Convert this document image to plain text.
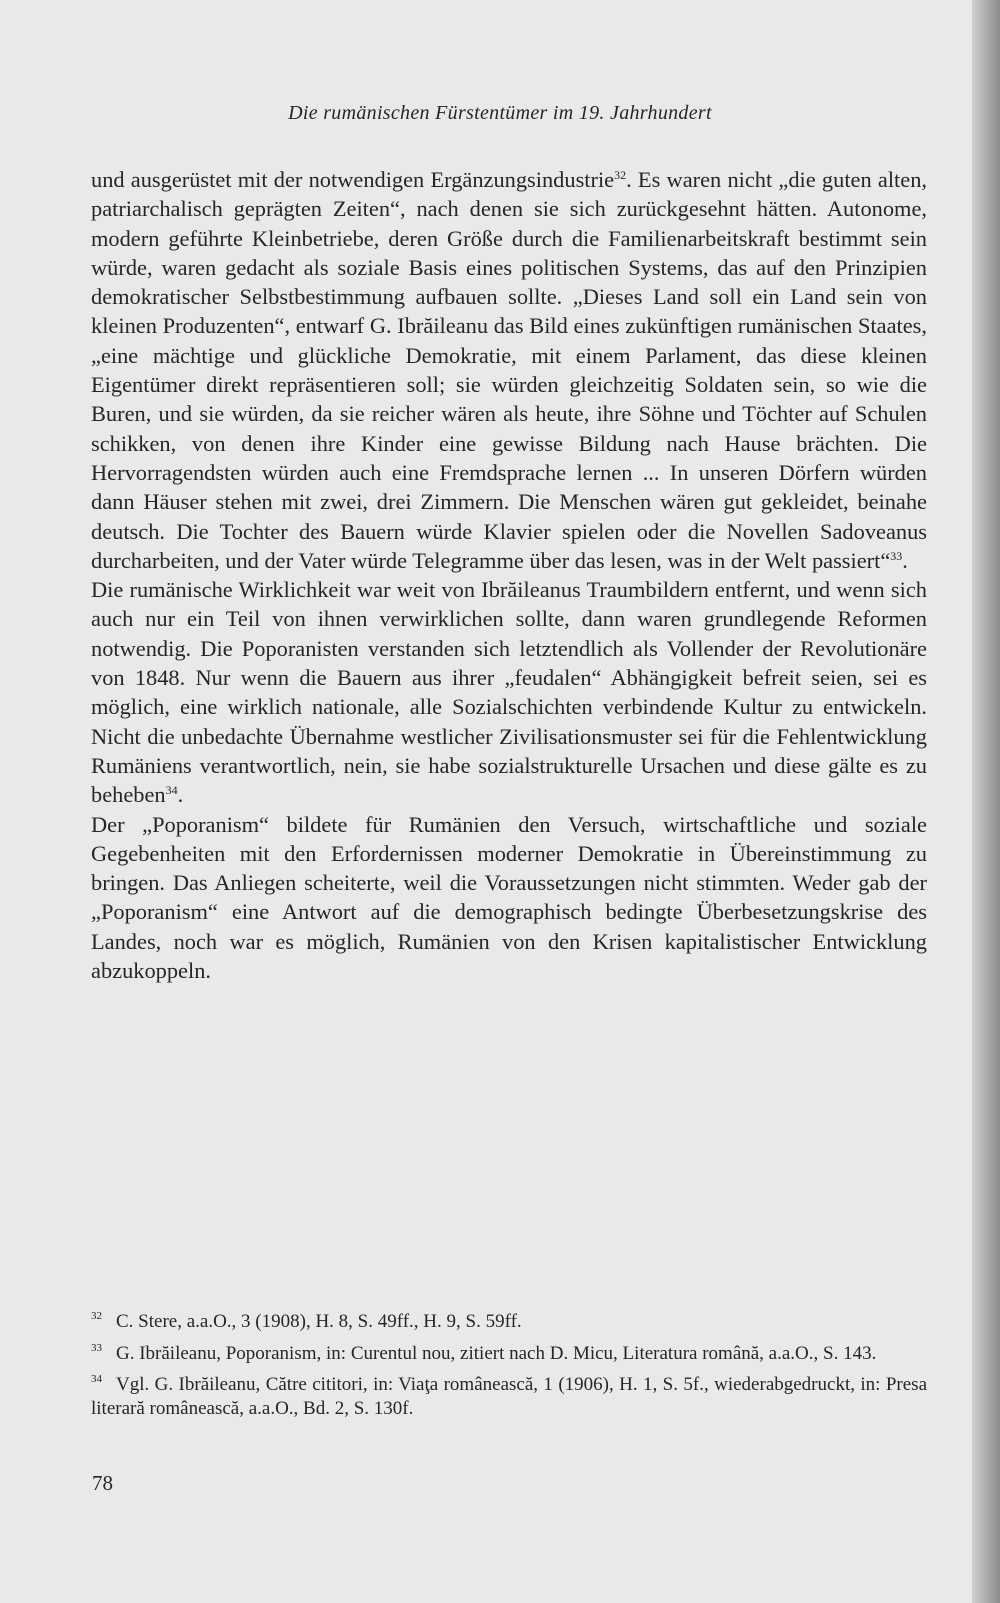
Die rumänischen Fürstentümer im 19. Jahrhundert

und ausgerüstet mit der notwendigen Ergänzungsindustrie$^{32}$. Es waren nicht „die guten alten, patriarchalisch geprägten Zeiten“, nach denen sie sich zurückgesehnt hätten. Autonome, modern geführte Kleinbetriebe, deren Größe durch die Familienarbeitskraft bestimmt sein würde, waren gedacht als soziale Basis eines politischen Systems, das auf den Prinzipien demokratischer Selbstbestimmung aufbauen sollte. „Dieses Land soll ein Land sein von kleinen Produzenten“, entwarf G. Ibrăileanu das Bild eines zukünftigen rumänischen Staates, „eine mächtige und glückliche Demokratie, mit einem Parlament, das diese kleinen Eigentümer direkt repräsentieren soll; sie würden gleichzeitig Soldaten sein, so wie die Buren, und sie würden, da sie reicher wären als heute, ihre Söhne und Töchter auf Schulen schikken, von denen ihre Kinder eine gewisse Bildung nach Hause brächten. Die Hervorragendsten würden auch eine Fremdsprache lernen ... In unseren Dörfern würden dann Häuser stehen mit zwei, drei Zimmern. Die Menschen wären gut gekleidet, beinahe deutsch. Die Tochter des Bauern würde Klavier spielen oder die Novellen Sadoveanus durcharbeiten, und der Vater würde Telegramme über das lesen, was in der Welt passiert“$^{33}$.

Die rumänische Wirklichkeit war weit von Ibrăileanus Traumbildern entfernt, und wenn sich auch nur ein Teil von ihnen verwirklichen sollte, dann waren grundlegende Reformen notwendig. Die Poporanisten verstanden sich letztendlich als Vollender der Revolutionäre von 1848. Nur wenn die Bauern aus ihrer „feudalen“ Abhängigkeit befreit seien, sei es möglich, eine wirklich nationale, alle Sozialschichten verbindende Kultur zu entwickeln. Nicht die unbedachte Übernahme westlicher Zivilisationsmuster sei für die Fehlentwicklung Rumäniens verantwortlich, nein, sie habe sozialstrukturelle Ursachen und diese gälte es zu beheben$^{34}$.

Der „Poporanism“ bildete für Rumänien den Versuch, wirtschaftliche und soziale Gegebenheiten mit den Erfordernissen moderner Demokratie in Übereinstimmung zu bringen. Das Anliegen scheiterte, weil die Voraussetzungen nicht stimmten. Weder gab der „Poporanism“ eine Antwort auf die demographisch bedingte Überbesetzungskrise des Landes, noch war es möglich, Rumänien von den Krisen kapitalistischer Entwicklung abzukoppeln.

$^{32}$ C. Stere, a.a.O., 3 (1908), H. 8, S. 49ff., H. 9, S. 59ff.
$^{33}$ G. Ibrăileanu, Poporanism, in: Curentul nou, zitiert nach D. Micu, Literatura română, a.a.O., S. 143.
$^{34}$ Vgl. G. Ibrăileanu, Către cititori, in: Viaţa românească, 1 (1906), H. 1, S. 5f., wiederabgedruckt, in: Presa literară românească, a.a.O., Bd. 2, S. 130f.
78
